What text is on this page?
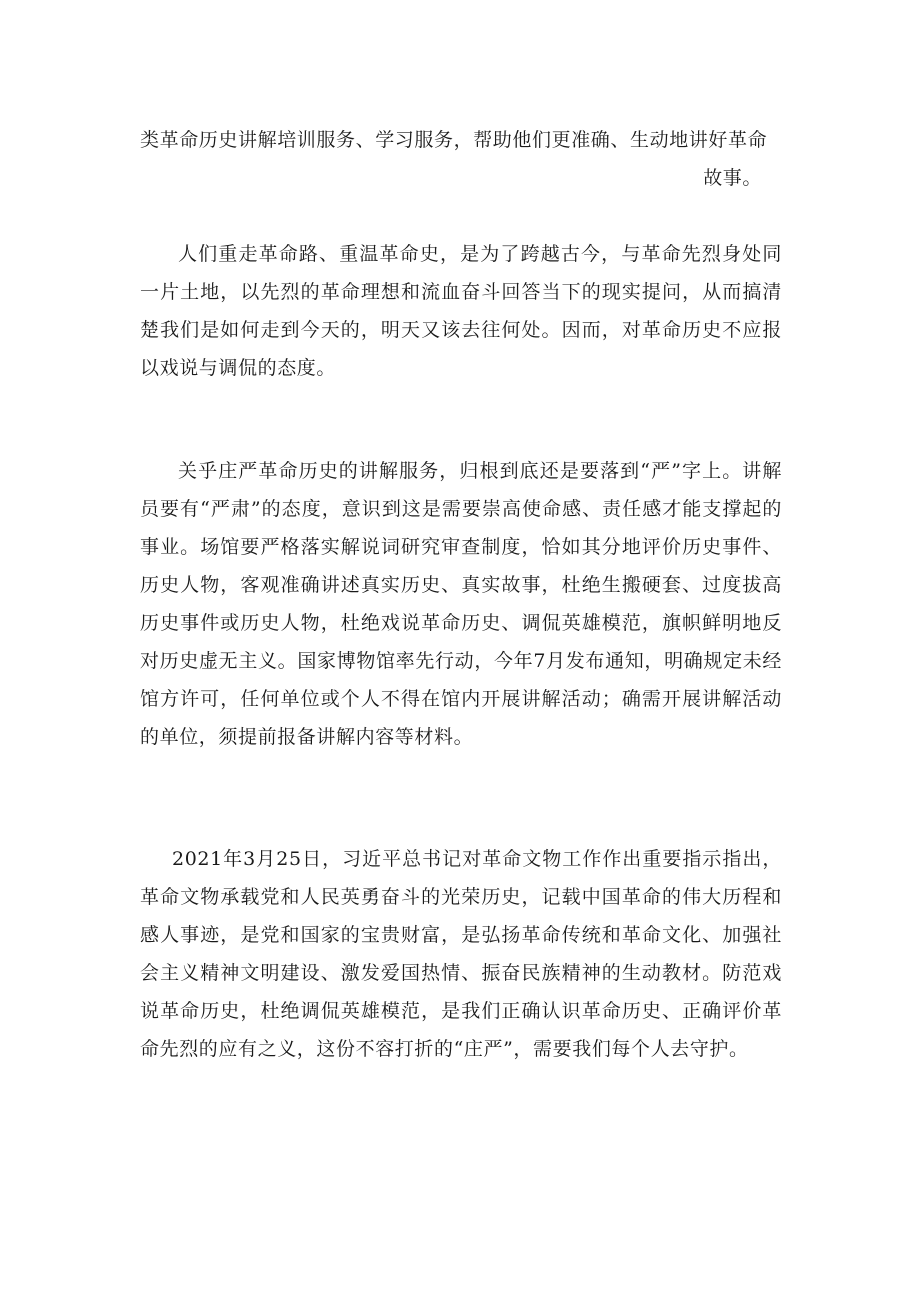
类革命历史讲解培训服务、学习服务，帮助他们更准确、生动地讲好革命
故事。

人们重走革命路、重温革命史，是为了跨越古今，与革命先烈身处同一片土地，以先烈的革命理想和流血奋斗回答当下的现实提问，从而搞清楚我们是如何走到今天的，明天又该去往何处。因而，对革命历史不应报以戏说与调侃的态度。

关乎庄严革命历史的讲解服务，归根到底还是要落到“严”字上。讲解员要有“严肃”的态度，意识到这是需要崇高使命感、责任感才能支撑起的事业。场馆要严格落实解说词研究审查制度，恰如其分地评价历史事件、历史人物，客观准确讲述真实历史、真实故事，杜绝生搬硬套、过度拔高历史事件或历史人物，杜绝戏说革命历史、调侃英雄模范，旗帜鲜明地反对历史虚无主义。国家博物馆率先行动，今年7月发布通知，明确规定未经馆方许可，任何单位或个人不得在馆内开展讲解活动；确需开展讲解活动的单位，须提前报备讲解内容等材料。

2021年3月25日，习近平总书记对革命文物工作作出重要指示指出，革命文物承载党和人民英勇奋斗的光荣历史，记载中国革命的伟大历程和感人事迹，是党和国家的宝贵财富，是弘扬革命传统和革命文化、加强社会主义精神文明建设、激发爱国热情、振奋民族精神的生动教材。防范戏说革命历史，杜绝调侃英雄模范，是我们正确认识革命历史、正确评价革命先烈的应有之义，这份不容打折的“庄严”，需要我们每个人去守护。
